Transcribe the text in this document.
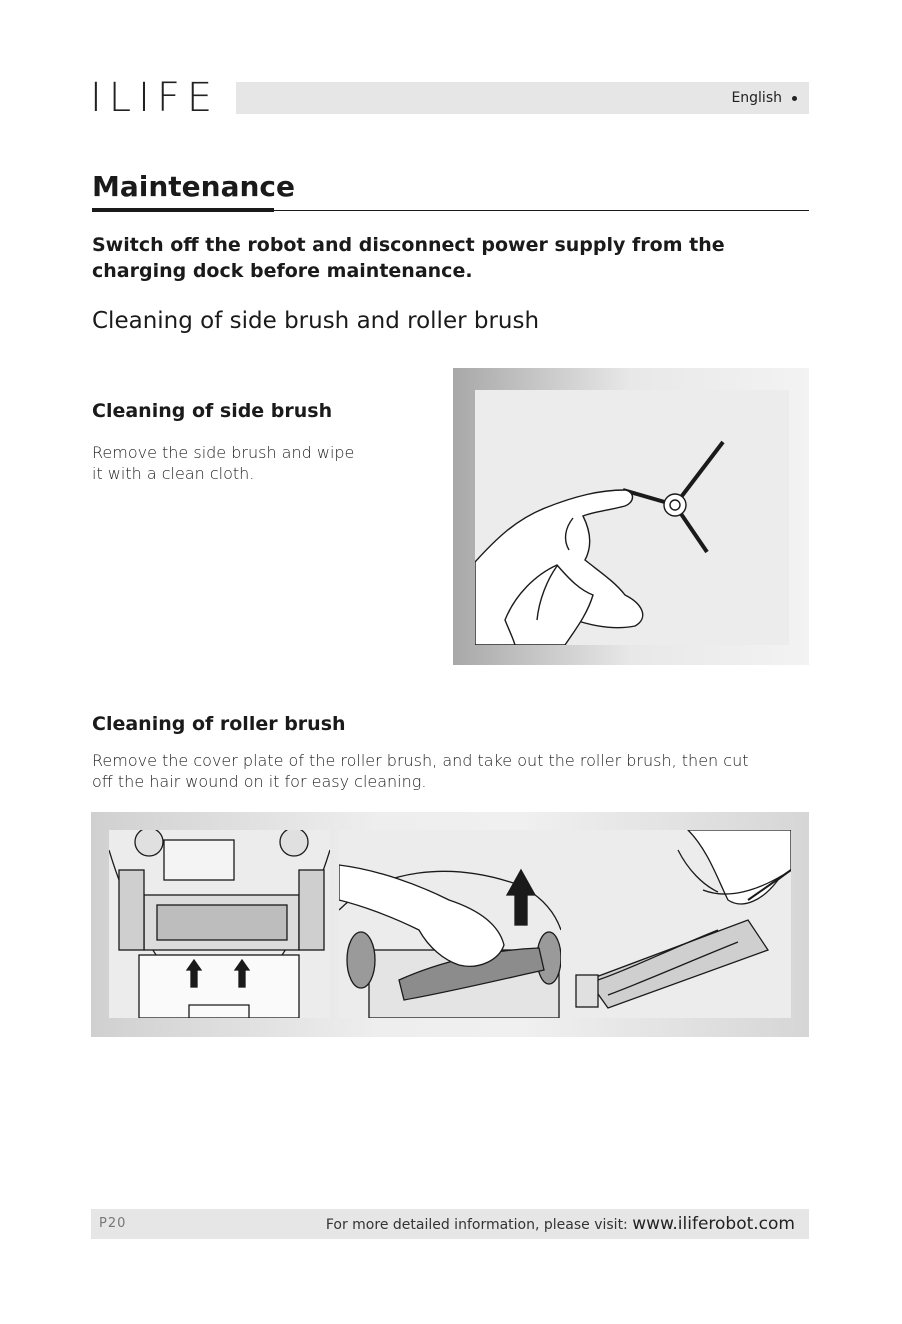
ILIFE	English
Maintenance
Switch off the robot and disconnect power supply from the charging dock before maintenance.
Cleaning of side brush and roller brush
Cleaning of side brush
Remove the side brush and wipe
it with a clean cloth.
Cleaning of roller brush
Remove the cover plate of the roller brush, and take out the roller brush, then cut
off the hair wound on it for easy cleaning.
P20	For more detailed information, please visit: www.iliferobot.com
